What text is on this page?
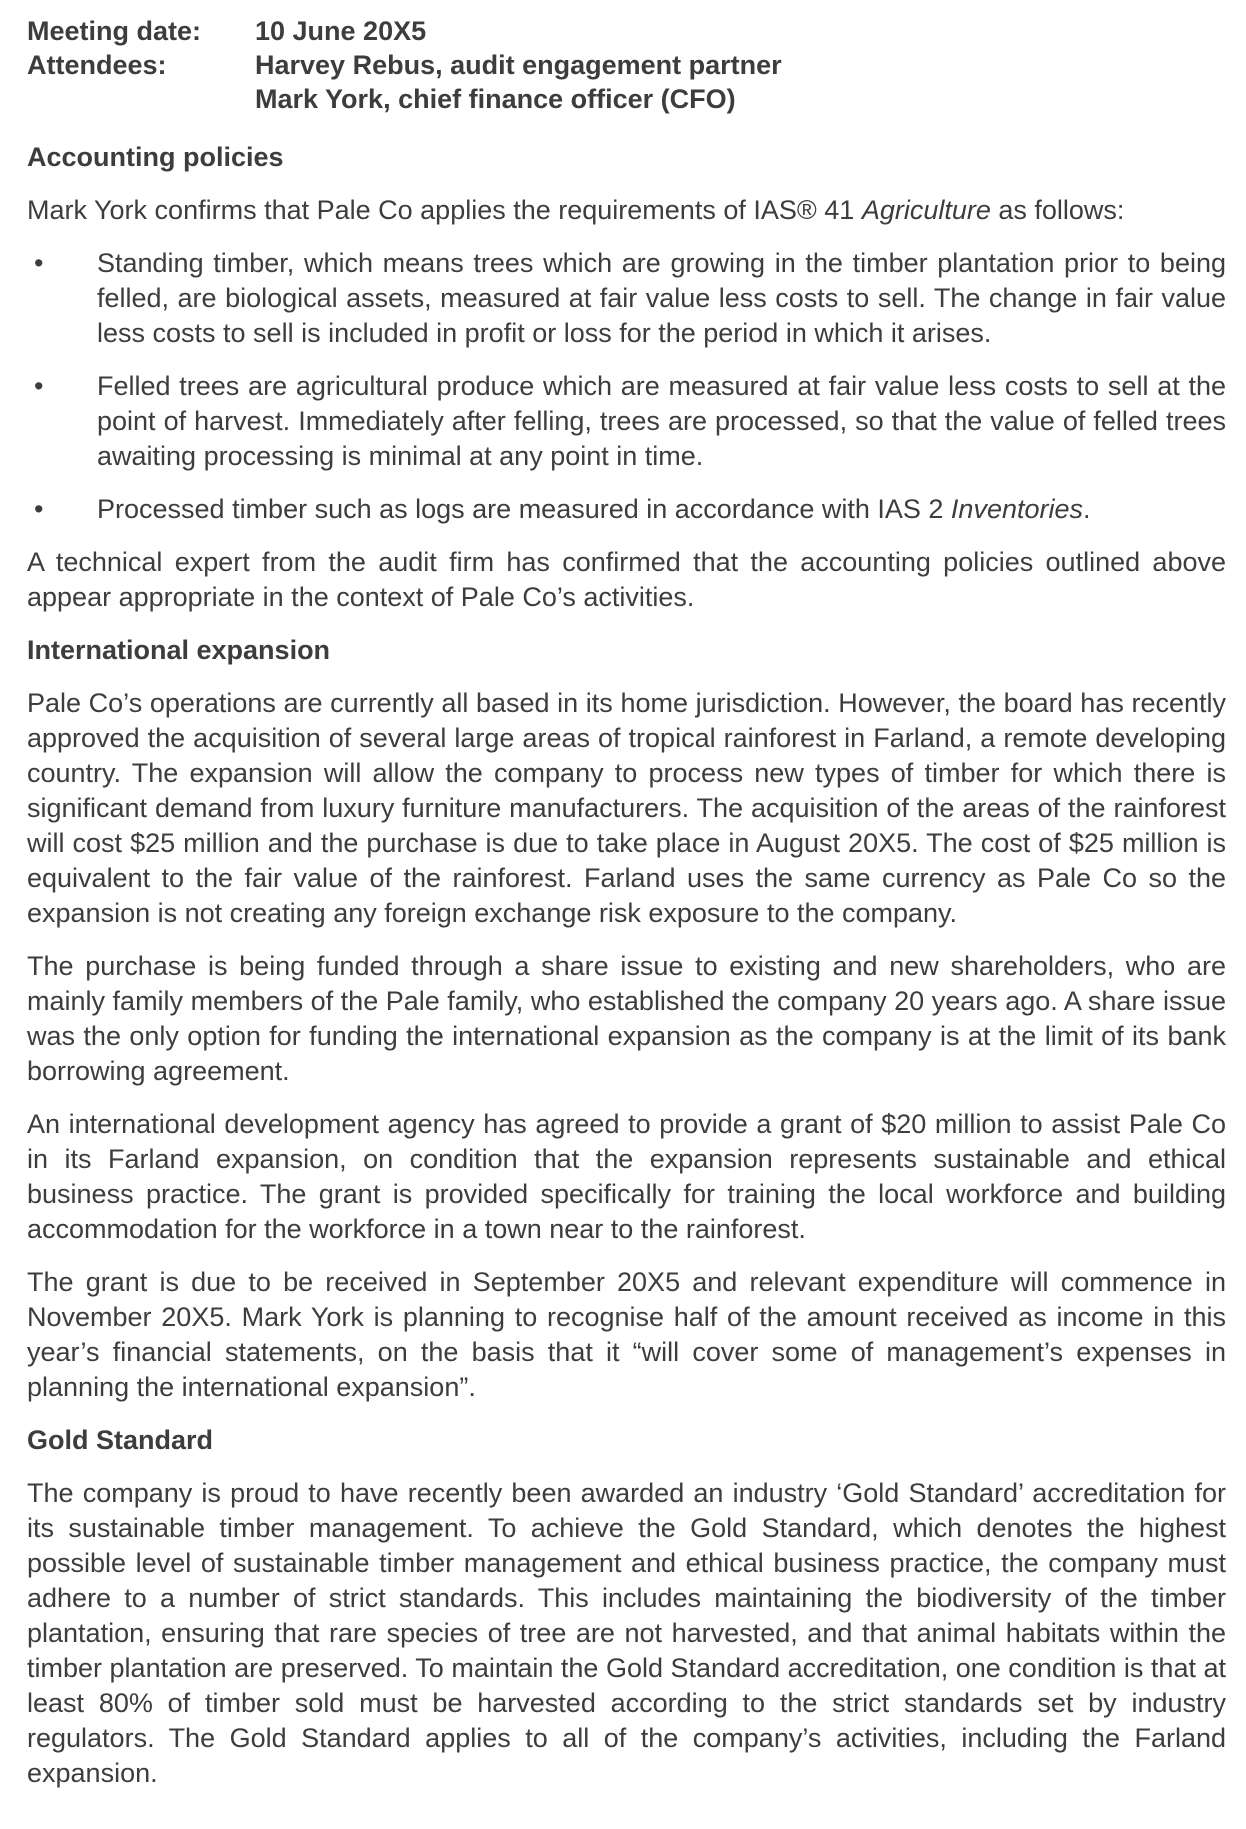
Meeting date:	10 June 20X5
Attendees:	Harvey Rebus, audit engagement partner
Mark York, chief finance officer (CFO)
Accounting policies

Mark York confirms that Pale Co applies the requirements of IAS® 41 Agriculture as follows:

• Standing timber, which means trees which are growing in the timber plantation prior to being felled, are biological assets, measured at fair value less costs to sell. The change in fair value less costs to sell is included in profit or loss for the period in which it arises.
• Felled trees are agricultural produce which are measured at fair value less costs to sell at the point of harvest. Immediately after felling, trees are processed, so that the value of felled trees awaiting processing is minimal at any point in time.
• Processed timber such as logs are measured in accordance with IAS 2 Inventories.

A technical expert from the audit firm has confirmed that the accounting policies outlined above appear appropriate in the context of Pale Co’s activities.

International expansion

Pale Co’s operations are currently all based in its home jurisdiction. However, the board has recently approved the acquisition of several large areas of tropical rainforest in Farland, a remote developing country. The expansion will allow the company to process new types of timber for which there is significant demand from luxury furniture manufacturers. The acquisition of the areas of the rainforest will cost $25 million and the purchase is due to take place in August 20X5. The cost of $25 million is equivalent to the fair value of the rainforest. Farland uses the same currency as Pale Co so the expansion is not creating any foreign exchange risk exposure to the company.

The purchase is being funded through a share issue to existing and new shareholders, who are mainly family members of the Pale family, who established the company 20 years ago. A share issue was the only option for funding the international expansion as the company is at the limit of its bank borrowing agreement.

An international development agency has agreed to provide a grant of $20 million to assist Pale Co in its Farland expansion, on condition that the expansion represents sustainable and ethical business practice. The grant is provided specifically for training the local workforce and building accommodation for the workforce in a town near to the rainforest.

The grant is due to be received in September 20X5 and relevant expenditure will commence in November 20X5. Mark York is planning to recognise half of the amount received as income in this year’s financial statements, on the basis that it “will cover some of management’s expenses in planning the international expansion”.

Gold Standard

The company is proud to have recently been awarded an industry ‘Gold Standard’ accreditation for its sustainable timber management. To achieve the Gold Standard, which denotes the highest possible level of sustainable timber management and ethical business practice, the company must adhere to a number of strict standards. This includes maintaining the biodiversity of the timber plantation, ensuring that rare species of tree are not harvested, and that animal habitats within the timber plantation are preserved. To maintain the Gold Standard accreditation, one condition is that at least 80% of timber sold must be harvested according to the strict standards set by industry regulators. The Gold Standard applies to all of the company’s activities, including the Farland expansion.
